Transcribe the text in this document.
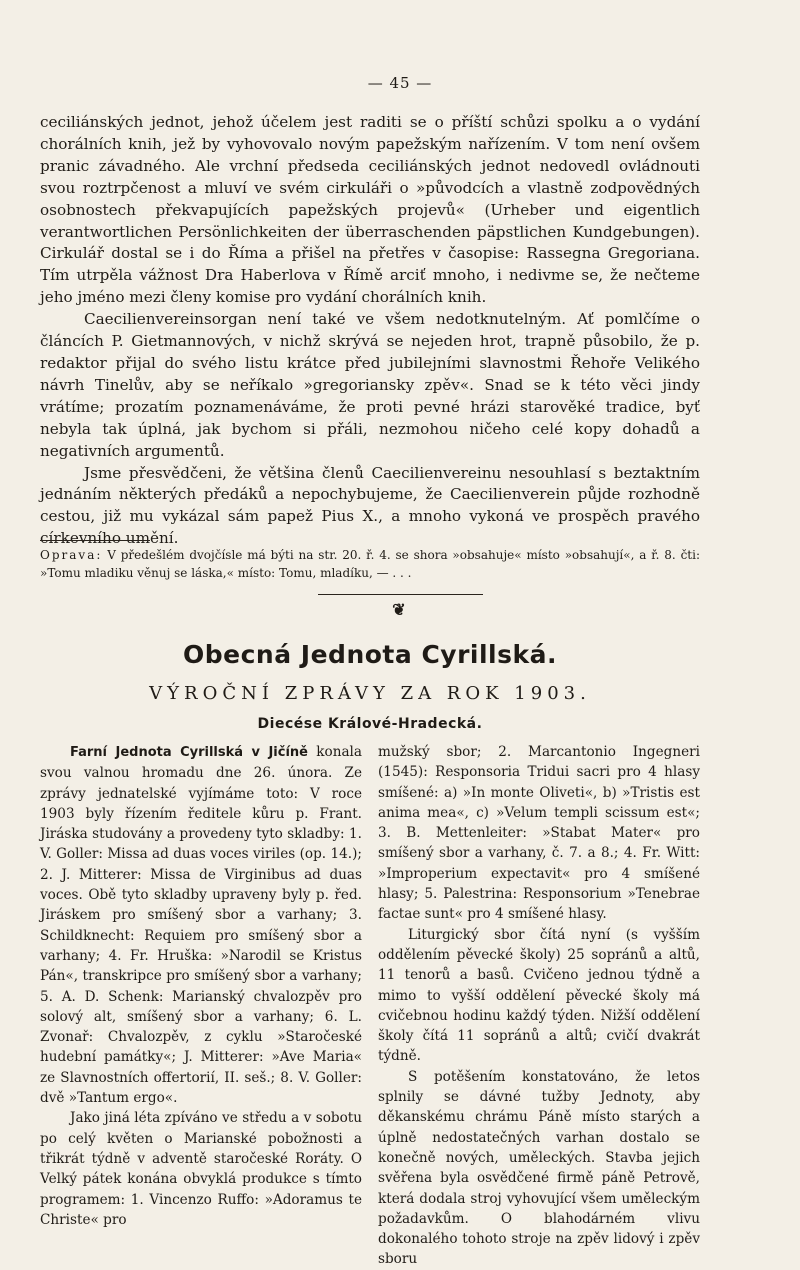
— 45 —

ceciliánských jednot, jehož účelem jest raditi se o příští schůzi spolku a o vydání chorálních knih, jež by vyhovovalo novým papežským nařízením. V tom není ovšem pranic závadného. Ale vrchní předseda ceciliánských jednot nedovedl ovládnouti svou roztrpčenost a mluví ve svém cirkuláři o »původcích a vlastně zodpovědných osobnostech překvapujících papežských projevů« (Urheber und eigentlich verantwortlichen Persönlichkeiten der überraschenden päpstlichen Kundgebungen). Cirkulář dostal se i do Říma a přišel na přetřes v časopise: Rassegna Gregoriana. Tím utrpěla vážnost Dra Haberlova v Římě arciť mnoho, i nedivme se, že nečteme jeho jméno mezi členy komise pro vydání chorálních knih.

Caecilienvereinsorgan není také ve všem nedotknutelným. Ať pomlčíme o článcích P. Gietmannových, v nichž skrývá se nejeden hrot, trapně působilo, že p. redaktor přijal do svého listu krátce před jubilejními slavnostmi Řehoře Velikého návrh Tinelův, aby se neříkalo »gregoriansky zpěv«. Snad se k této věci jindy vrátíme; prozatím poznamenáváme, že proti pevné hrázi starověké tradice, byť nebyla tak úplná, jak bychom si přáli, nezmohou ničeho celé kopy dohadů a negativních argumentů.

Jsme přesvědčeni, že většina členů Caecilienvereinu nesouhlasí s beztaktním jednáním některých předáků a nepochybujeme, že Caecilienverein půjde rozhodně cestou, již mu vykázal sám papež Pius X., a mnoho vykoná ve prospěch pravého církevního umění.

Oprava: V předešlém dvojčísle má býti na str. 20. ř. 4. se shora »obsahuje« místo »obsahují«, a ř. 8. čti: »Tomu mladiku věnuj se láska,« místo: Tomu, mladíku, — . . .
❦
Obecná Jednota Cyrillská.
VÝROČNÍ ZPRÁVY ZA ROK 1903.
Diecése Králové-Hradecká.

Farní Jednota Cyrillská v Jičíně konala svou valnou hromadu dne 26. února. Ze zprávy jednatelské vyjímáme toto: V roce 1903 byly řízením ředitele kůru p. Frant. Jiráska studovány a provedeny tyto skladby: 1. V. Goller: Missa ad duas voces viriles (op. 14.); 2. J. Mitterer: Missa de Virginibus ad duas voces. Obě tyto skladby upraveny byly p. řed. Jiráskem pro smíšený sbor a varhany; 3. Schildknecht: Requiem pro smíšený sbor a varhany; 4. Fr. Hruška: »Narodil se Kristus Pán«, transkripce pro smíšený sbor a varhany; 5. A. D. Schenk: Marianský chvalozpěv pro solový alt, smíšený sbor a varhany; 6. L. Zvonař: Chvalozpěv, z cyklu »Staročeské hudební památky«; J. Mitterer: »Ave Maria« ze Slavnostních offertorií, II. seš.; 8. V. Goller: dvě »Tantum ergo«.

Jako jiná léta zpíváno ve středu a v sobotu po celý květen o Marianské pobožnosti a třikrát týdně v adventě staročeské Roráty. O Velký pátek konána obvyklá produkce s tímto programem: 1. Vincenzo Ruffo: »Adoramus te Christe« pro

mužský sbor; 2. Marcantonio Ingegneri (1545): Responsoria Tridui sacri pro 4 hlasy smíšené: a) »In monte Oliveti«, b) »Tristis est anima mea«, c) »Velum templi scissum est«; 3. B. Mettenleiter: »Stabat Mater« pro smíšený sbor a varhany, č. 7. a 8.; 4. Fr. Witt: »Improperium expectavit« pro 4 smíšené hlasy; 5. Palestrina: Responsorium »Tenebrae factae sunt« pro 4 smíšené hlasy.

Liturgický sbor čítá nyní (s vyšším oddělením pěvecké školy) 25 sopránů a altů, 11 tenorů a basů. Cvičeno jednou týdně a mimo to vyšší oddělení pěvecké školy má cvičebnou hodinu každý týden. Nižší oddělení školy čítá 11 sopránů a altů; cvičí dvakrát týdně.

S potěšením konstatováno, že letos splnily se dávné tužby Jednoty, aby děkanskému chrámu Páně místo starých a úplně nedostatečných varhan dostalo se konečně nových, uměleckých. Stavba jejich svěřena byla osvědčené firmě páně Petrově, která dodala stroj vyhovující všem uměleckým požadavkům. O blahodárném vlivu dokonalého tohoto stroje na zpěv lidový i zpěv sboru
